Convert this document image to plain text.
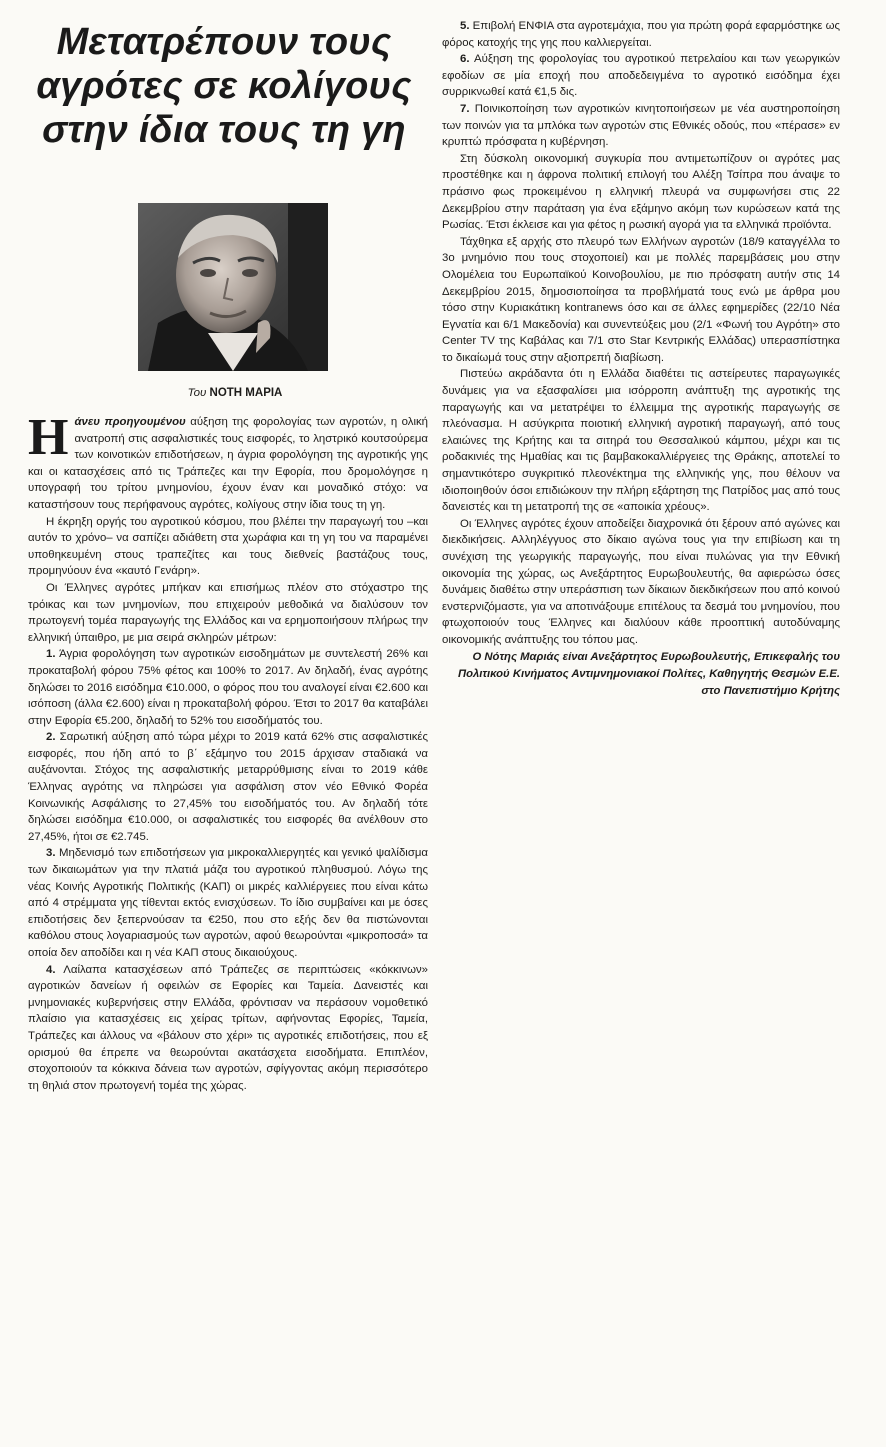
Μετατρέπουν τους αγρότες σε κολίγους στην ίδια τους τη γη
Του ΝΟΤΗ ΜΑΡΙΑ

Ηάνευ προηγουμένου αύξηση της φορολογίας των αγροτών, η ολική ανατροπή στις ασφαλιστικές τους εισφορές, το ληστρικό κουτσούρεμα των κοινοτικών επιδοτήσεων, η άγρια φορολόγηση της αγροτικής γης και οι κατασχέσεις από τις Τράπεζες και την Εφορία, που δρομολόγησε η υπογραφή του τρίτου μνημονίου, έχουν έναν και μοναδικό στόχο: να καταστήσουν τους περήφανους αγρότες, κολίγους στην ίδια τους τη γη.

Η έκρηξη οργής του αγροτικού κόσμου, που βλέπει την παραγωγή του –και αυτόν το χρόνο– να σαπίζει αδιάθετη στα χωράφια και τη γη του να παραμένει υποθηκευμένη στους τραπεζίτες και τους διεθνείς βαστάζους τους, προμηνύουν ένα «καυτό Γενάρη».

Οι Έλληνες αγρότες μπήκαν και επισήμως πλέον στο στόχαστρο της τρόικας και των μνημονίων, που επιχειρούν μεθοδικά να διαλύσουν τον πρωτογενή τομέα παραγωγής της Ελλάδος και να ερημοποιήσουν πλήρως την ελληνική ύπαιθρο, με μια σειρά σκληρών μέτρων:

1. Άγρια φορολόγηση των αγροτικών εισοδημάτων με συντελεστή 26% και προκαταβολή φόρου 75% φέτος και 100% το 2017. Αν δηλαδή, ένας αγρότης δηλώσει το 2016 εισόδημα €10.000, ο φόρος που του αναλογεί είναι €2.600 και ισόποση (άλλα €2.600) είναι η προκαταβολή φόρου. Έτσι το 2017 θα καταβάλει στην Εφορία €5.200, δηλαδή το 52% του εισοδήματός του.

2. Σαρωτική αύξηση από τώρα μέχρι το 2019 κατά 62% στις ασφαλιστικές εισφορές, που ήδη από το β΄ εξάμηνο του 2015 άρχισαν σταδιακά να αυξάνονται. Στόχος της ασφαλιστικής μεταρρύθμισης είναι το 2019 κάθε Έλληνας αγρότης να πληρώσει για ασφάλιση στον νέο Εθνικό Φορέα Κοινωνικής Ασφάλισης το 27,45% του εισοδήματός του. Αν δηλαδή τότε δηλώσει εισόδημα €10.000, οι ασφαλιστικές του εισφορές θα ανέλθουν στο 27,45%, ήτοι σε €2.745.

3. Μηδενισμό των επιδοτήσεων για μικροκαλλιεργητές και γενικό ψαλίδισμα των δικαιωμάτων για την πλατιά μάζα του αγροτικού πληθυσμού. Λόγω της νέας Κοινής Αγροτικής Πολιτικής (ΚΑΠ) οι μικρές καλλιέργειες που είναι κάτω από 4 στρέμματα γης τίθενται εκτός ενισχύσεων. Το ίδιο συμβαίνει και με όσες επιδοτήσεις δεν ξεπερνούσαν τα €250, που στο εξής δεν θα πιστώνονται καθόλου στους λογαριασμούς των αγροτών, αφού θεωρούνται «μικροποσά» τα οποία δεν αποδίδει και η νέα ΚΑΠ στους δικαιούχους.

4. Λαίλαπα κατασχέσεων από Τράπεζες σε περιπτώσεις «κόκκινων» αγροτικών δανείων ή οφειλών σε Εφορίες και Ταμεία. Δανειστές και μνημονιακές κυβερνήσεις στην Ελλάδα, φρόντισαν να περάσουν νομοθετικό πλαίσιο για κατασχέσεις εις χείρας τρίτων, αφήνοντας Εφορίες, Ταμεία, Τράπεζες και άλλους να «βάλουν στο χέρι» τις αγροτικές επιδοτήσεις, που εξ ορισμού θα έπρεπε να θεωρούνται ακατάσχετα εισοδήματα. Επιπλέον, στοχοποιούν τα κόκκινα δάνεια των αγροτών, σφίγγοντας ακόμη περισσότερο τη θηλιά στον πρωτογενή τομέα της χώρας.

5. Επιβολή ΕΝΦΙΑ στα αγροτεμάχια, που για πρώτη φορά εφαρμόστηκε ως φόρος κατοχής της γης που καλλιεργείται.

6. Αύξηση της φορολογίας του αγροτικού πετρελαίου και των γεωργικών εφοδίων σε μία εποχή που αποδεδειγμένα το αγροτικό εισόδημα έχει συρρικνωθεί κατά €1,5 δις.

7. Ποινικοποίηση των αγροτικών κινητοποιήσεων με νέα αυστηροποίηση των ποινών για τα μπλόκα των αγροτών στις Εθνικές οδούς, που «πέρασε» εν κρυπτώ πρόσφατα η κυβέρνηση.

Στη δύσκολη οικονομική συγκυρία που αντιμετωπίζουν οι αγρότες μας προστέθηκε και η άφρονα πολιτική επιλογή του Αλέξη Τσίπρα που άναψε το πράσινο φως προκειμένου η ελληνική πλευρά να συμφωνήσει στις 22 Δεκεμβρίου στην παράταση για ένα εξάμηνο ακόμη των κυρώσεων κατά της Ρωσίας. Έτσι έκλεισε και για φέτος η ρωσική αγορά για τα ελληνικά προϊόντα.

Τάχθηκα εξ αρχής στο πλευρό των Ελλήνων αγροτών (18/9 καταγγέλλα το 3ο μνημόνιο που τους στοχοποιεί) και με πολλές παρεμβάσεις μου στην Ολομέλεια του Ευρωπαϊκού Κοινοβουλίου, με πιο πρόσφατη αυτήν στις 14 Δεκεμβρίου 2015, δημοσιοποίησα τα προβλήματά τους ενώ με άρθρα μου τόσο στην Κυριακάτικη kontranews όσο και σε άλλες εφημερίδες (22/10 Νέα Εγνατία και 6/1 Μακεδονία) και συνεντεύξεις μου (2/1 «Φωνή του Αγρότη» στο Center TV της Καβάλας και 7/1 στο Star Κεντρικής Ελλάδας) υπερασπίστηκα το δικαίωμά τους στην αξιοπρεπή διαβίωση.

Πιστεύω ακράδαντα ότι η Ελλάδα διαθέτει τις αστείρευτες παραγωγικές δυνάμεις για να εξασφαλίσει μια ισόρροπη ανάπτυξη της αγροτικής της παραγωγής και να μετατρέψει το έλλειμμα της αγροτικής παραγωγής σε πλεόνασμα. Η ασύγκριτα ποιοτική ελληνική αγροτική παραγωγή, από τους ελαιώνες της Κρήτης και τα σιτηρά του Θεσσαλικού κάμπου, μέχρι και τις ροδακινιές της Ημαθίας και τις βαμβακοκαλλιέργειες της Θράκης, αποτελεί το σημαντικότερο συγκριτικό πλεονέκτημα της ελληνικής γης, που θέλουν να ιδιοποιηθούν όσοι επιδιώκουν την πλήρη εξάρτηση της Πατρίδος μας από τους δανειστές και τη μετατροπή της σε «αποικία χρέους».

Οι Έλληνες αγρότες έχουν αποδείξει διαχρονικά ότι ξέρουν από αγώνες και διεκδικήσεις. Αλληλέγγυος στο δίκαιο αγώνα τους για την επιβίωση και τη συνέχιση της γεωργικής παραγωγής, που είναι πυλώνας για την Εθνική οικονομία της χώρας, ως Ανεξάρτητος Ευρωβουλευτής, θα αφιερώσω όσες δυνάμεις διαθέτω στην υπεράσπιση των δίκαιων διεκδικήσεων που από κοινού ενστερνιζόμαστε, για να αποτινάξουμε επιτέλους τα δεσμά του μνημονίου, που φτωχοποιούν τους Έλληνες και διαλύουν κάθε προοπτική αυτοδύναμης οικονομικής ανάπτυξης του τόπου μας.

Ο Νότης Μαριάς είναι Ανεξάρτητος Ευρωβουλευτής, Επικεφαλής του Πολιτικού Κινήματος Αντιμνημονιακοί Πολίτες, Καθηγητής Θεσμών Ε.Ε. στο Πανεπιστήμιο Κρήτης
